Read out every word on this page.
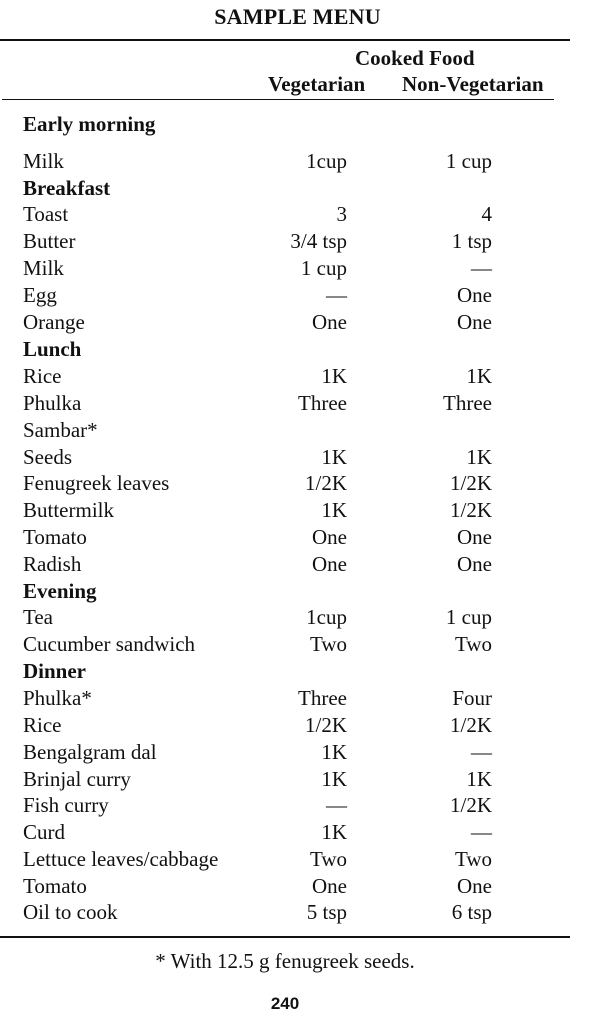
SAMPLE MENU
Cooked Food
Vegetarian Non-Vegetarian
Early morning
Milk	1cup	1 cup
Breakfast
Toast	3	4
Butter	3/4 tsp	1 tsp
Milk	1 cup	—
Egg	—	One
Orange	One	One
Lunch
Rice	1K	1K
Phulka	Three	Three
Sambar*
Seeds	1K	1K
Fenugreek leaves	1/2K	1/2K
Buttermilk	1K	1/2K
Tomato	One	One
Radish	One	One
Evening
Tea	1cup	1 cup
Cucumber sandwich	Two	Two
Dinner
Phulka*	Three	Four
Rice	1/2K	1/2K
Bengalgram dal	1K	—
Brinjal curry	1K	1K
Fish curry	—	1/2K
Curd	1K	—
Lettuce leaves/cabbage	Two	Two
Tomato	One	One
Oil to cook	5 tsp	6 tsp
* With 12.5 g fenugreek seeds.
240
